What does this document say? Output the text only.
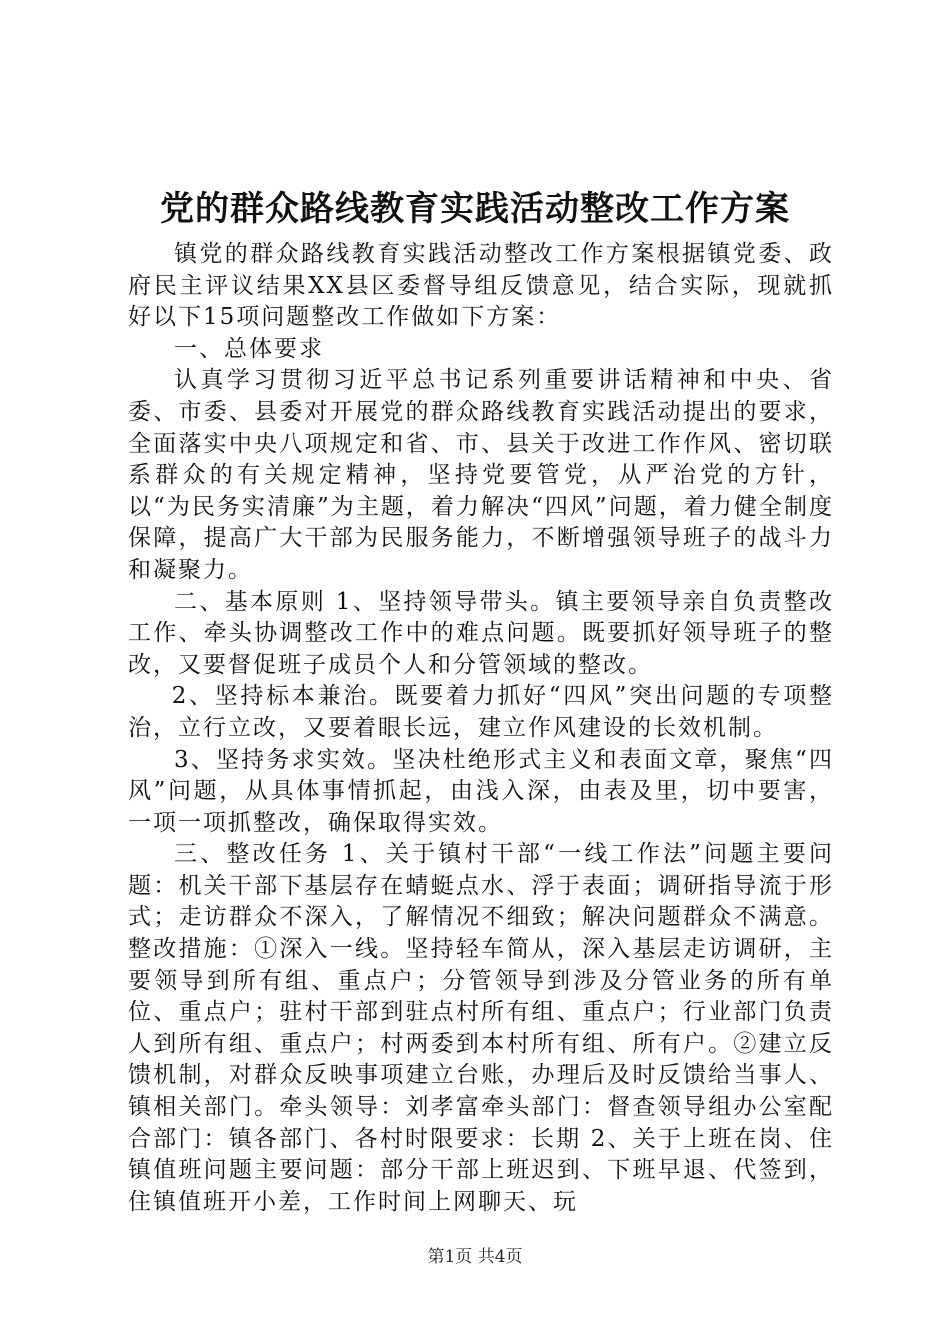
党的群众路线教育实践活动整改工作方案

镇党的群众路线教育实践活动整改工作方案根据镇党委、政府民主评议结果XX县区委督导组反馈意见，结合实际，现就抓好以下15项问题整改工作做如下方案：

一、总体要求

认真学习贯彻习近平总书记系列重要讲话精神和中央、省委、市委、县委对开展党的群众路线教育实践活动提出的要求，全面落实中央八项规定和省、市、县关于改进工作作风、密切联系群众的有关规定精神，坚持党要管党，从严治党的方针，以“为民务实清廉”为主题，着力解决“四风”问题，着力健全制度保障，提高广大干部为民服务能力，不断增强领导班子的战斗力和凝聚力。

二、基本原则 1、坚持领导带头。镇主要领导亲自负责整改工作、牵头协调整改工作中的难点问题。既要抓好领导班子的整改，又要督促班子成员个人和分管领域的整改。

2、坚持标本兼治。既要着力抓好“四风”突出问题的专项整治，立行立改，又要着眼长远，建立作风建设的长效机制。

3、坚持务求实效。坚决杜绝形式主义和表面文章，聚焦“四风”问题，从具体事情抓起，由浅入深，由表及里，切中要害，一项一项抓整改，确保取得实效。

三、整改任务 1、关于镇村干部“一线工作法”问题主要问题：机关干部下基层存在蜻蜓点水、浮于表面；调研指导流于形式；走访群众不深入，了解情况不细致；解决问题群众不满意。整改措施：①深入一线。坚持轻车简从，深入基层走访调研，主要领导到所有组、重点户；分管领导到涉及分管业务的所有单位、重点户；驻村干部到驻点村所有组、重点户；行业部门负责人到所有组、重点户；村两委到本村所有组、所有户。②建立反馈机制，对群众反映事项建立台账，办理后及时反馈给当事人、镇相关部门。牵头领导：刘孝富牵头部门：督查领导组办公室配合部门：镇各部门、各村时限要求：长期 2、关于上班在岗、住镇值班问题主要问题：部分干部上班迟到、下班早退、代签到，住镇值班开小差，工作时间上网聊天、玩

第1页 共4页
